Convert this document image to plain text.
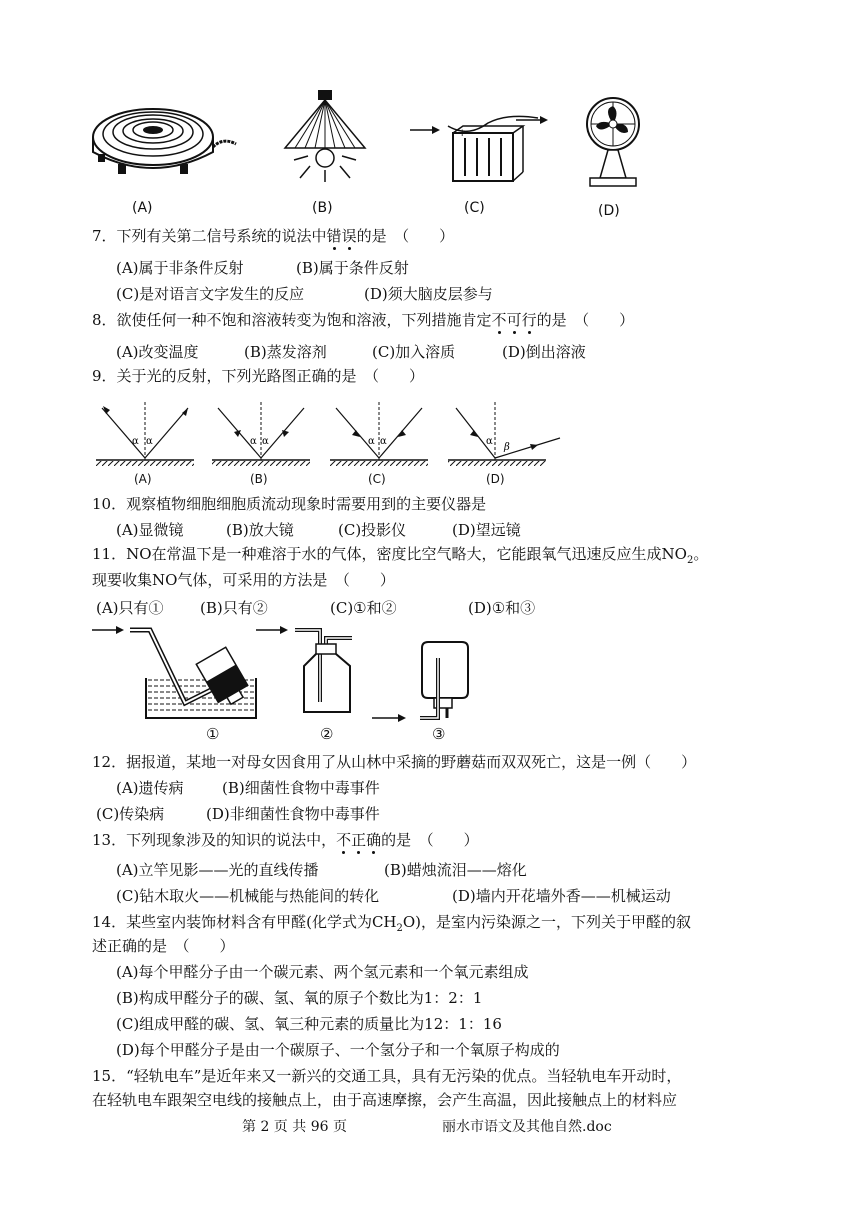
(A)	(B)
+
(C)	(D)
7．下列有关第二信号系统的说法中错误的是　（　　）
(A)属于非条件反射	(B)属于条件反射
(C)是对语言文字发生的反应	(D)须大脑皮层参与
8．欲使任何一种不饱和溶液转变为饱和溶液，下列措施肯定不可行的是　（　　）
(A)改变温度	(B)蒸发溶剂	(C)加入溶质	(D)倒出溶液
9．关于光的反射，下列光路图正确的是　（　　）
α α	α α	α α	α
β
(A)	(B)	(C)	(D)
10．观察植物细胞细胞质流动现象时需要用到的主要仪器是
(A)显微镜	(B)放大镜	(C)投影仪	(D)望远镜
11．NO在常温下是一种难溶于水的气体，密度比空气略大，它能跟氧气迅速反应生成$NO_2$。
现要收集NO气体，可采用的方法是　（　　）
(A)只有① (B)只有②	(C)①和②	(D)①和③
①	②	③
12．据报道，某地一对母女因食用了从山林中采摘的野蘑菇而双双死亡，这是一例（　　）
(A)遗传病	(B)细菌性食物中毒事件
(C)传染病	(D)非细菌性食物中毒事件
13．下列现象涉及的知识的说法中，不正确的是　（　　）
(A)立竿见影——光的直线传播	(B)蜡烛流泪——熔化
(C)钻木取火——机械能与热能间的转化	(D)墙内开花墙外香——机械运动
14．某些室内装饰材料含有甲醛(化学式为$CH_2O$)，是室内污染源之一，下列关于甲醛的叙
述正确的是　（　　）
(A)每个甲醛分子由一个碳元素、两个氢元素和一个氧元素组成
(B)构成甲醛分子的碳、氢、氧的原子个数比为1：2：1
(C)组成甲醛的碳、氢、氧三种元素的质量比为12：1：16
(D)每个甲醛分子是由一个碳原子、一个氢分子和一个氧原子构成的
15．“轻轨电车”是近年来又一新兴的交通工具，具有无污染的优点。当轻轨电车开动时，
在轻轨电车跟架空电线的接触点上，由于高速摩擦，会产生高温，因此接触点上的材料应
第 2 页 共 96 页	丽水市语文及其他自然.doc
